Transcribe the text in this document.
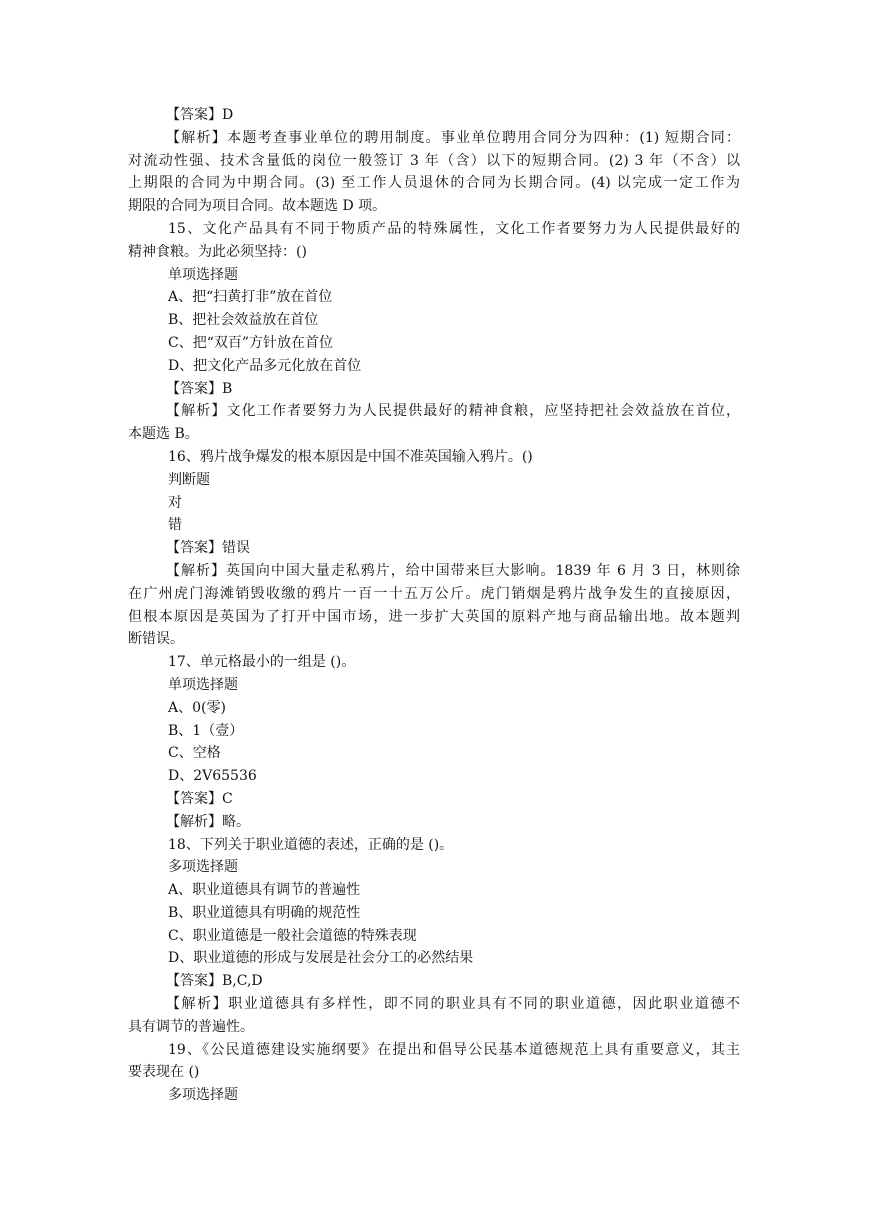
【答案】D
【解析】本题考查事业单位的聘用制度。事业单位聘用合同分为四种：(1) 短期合同：
对流动性强、技术含量低的岗位一般签订 3 年（含）以下的短期合同。(2) 3 年（不含）以
上期限的合同为中期合同。(3) 至工作人员退休的合同为长期合同。(4) 以完成一定工作为
期限的合同为项目合同。故本题选 D 项。
15、文化产品具有不同于物质产品的特殊属性，文化工作者要努力为人民提供最好的
精神食粮。为此必须坚持：()
单项选择题
A、把“扫黄打非”放在首位
B、把社会效益放在首位
C、把“双百”方针放在首位
D、把文化产品多元化放在首位
【答案】B
【解析】文化工作者要努力为人民提供最好的精神食粮，应坚持把社会效益放在首位，
本题选 B。
16、鸦片战争爆发的根本原因是中国不准英国输入鸦片。()
判断题
对
错
【答案】错误
【解析】英国向中国大量走私鸦片，给中国带来巨大影响。1839 年 6 月 3 日，林则徐
在广州虎门海滩销毁收缴的鸦片一百一十五万公斤。虎门销烟是鸦片战争发生的直接原因，
但根本原因是英国为了打开中国市场，进一步扩大英国的原料产地与商品输出地。故本题判
断错误。
17、单元格最小的一组是 ()。
单项选择题
A、0(零)
B、1（壹）
C、空格
D、2V65536
【答案】C
【解析】略。
18、下列关于职业道德的表述，正确的是 ()。
多项选择题
A、职业道德具有调节的普遍性
B、职业道德具有明确的规范性
C、职业道德是一般社会道德的特殊表现
D、职业道德的形成与发展是社会分工的必然结果
【答案】B,C,D
【解析】职业道德具有多样性，即不同的职业具有不同的职业道德，因此职业道德不
具有调节的普遍性。
19、《公民道德建设实施纲要》在提出和倡导公民基本道德规范上具有重要意义，其主
要表现在 ()
多项选择题
